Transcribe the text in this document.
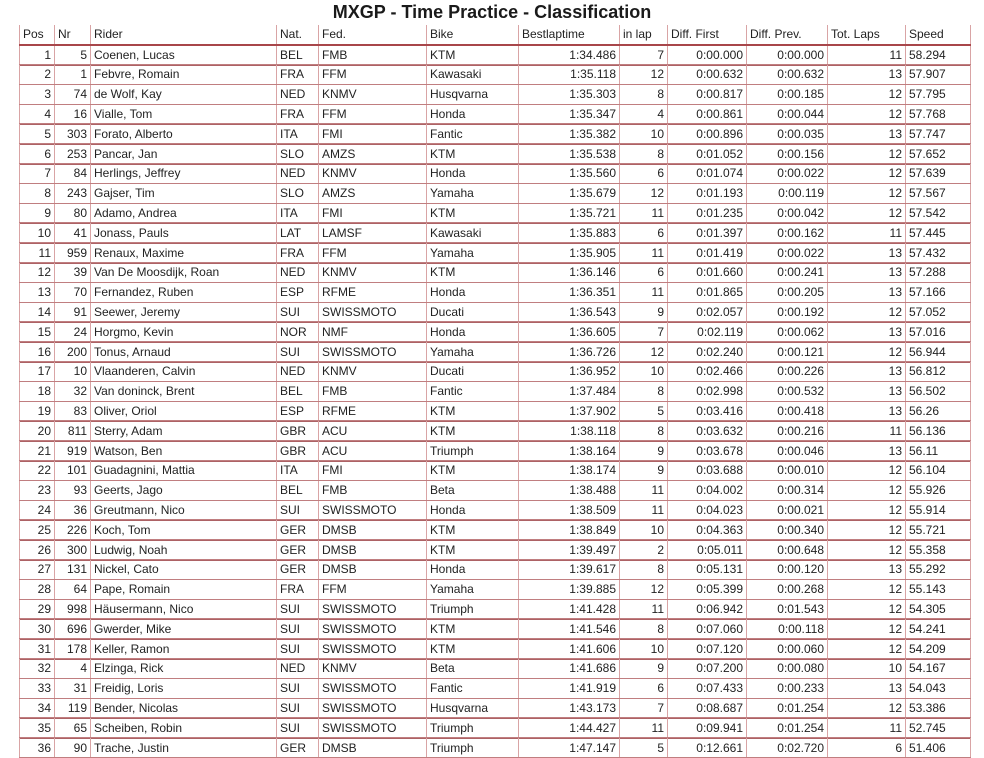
MXGP - Time Practice - Classification
Pos	Nr	Rider	Nat.	Fed.	Bike	Bestlaptime	in lap	Diff. First	Diff. Prev.	Tot. Laps	Speed
1	5	Coenen, Lucas	BEL	FMB	KTM	1:34.486	7	0:00.000	0:00.000	11	58.294
2	1	Febvre, Romain	FRA	FFM	Kawasaki	1:35.118	12	0:00.632	0:00.632	13	57.907
3	74	de Wolf, Kay	NED	KNMV	Husqvarna	1:35.303	8	0:00.817	0:00.185	12	57.795
4	16	Vialle, Tom	FRA	FFM	Honda	1:35.347	4	0:00.861	0:00.044	12	57.768
5	303	Forato, Alberto	ITA	FMI	Fantic	1:35.382	10	0:00.896	0:00.035	13	57.747
6	253	Pancar, Jan	SLO	AMZS	KTM	1:35.538	8	0:01.052	0:00.156	12	57.652
7	84	Herlings, Jeffrey	NED	KNMV	Honda	1:35.560	6	0:01.074	0:00.022	12	57.639
8	243	Gajser, Tim	SLO	AMZS	Yamaha	1:35.679	12	0:01.193	0:00.119	12	57.567
9	80	Adamo, Andrea	ITA	FMI	KTM	1:35.721	11	0:01.235	0:00.042	12	57.542
10	41	Jonass, Pauls	LAT	LAMSF	Kawasaki	1:35.883	6	0:01.397	0:00.162	11	57.445
11	959	Renaux, Maxime	FRA	FFM	Yamaha	1:35.905	11	0:01.419	0:00.022	13	57.432
12	39	Van De Moosdijk, Roan	NED	KNMV	KTM	1:36.146	6	0:01.660	0:00.241	13	57.288
13	70	Fernandez, Ruben	ESP	RFME	Honda	1:36.351	11	0:01.865	0:00.205	13	57.166
14	91	Seewer, Jeremy	SUI	SWISSMOTO	Ducati	1:36.543	9	0:02.057	0:00.192	12	57.052
15	24	Horgmo, Kevin	NOR	NMF	Honda	1:36.605	7	0:02.119	0:00.062	13	57.016
16	200	Tonus, Arnaud	SUI	SWISSMOTO	Yamaha	1:36.726	12	0:02.240	0:00.121	12	56.944
17	10	Vlaanderen, Calvin	NED	KNMV	Ducati	1:36.952	10	0:02.466	0:00.226	13	56.812
18	32	Van doninck, Brent	BEL	FMB	Fantic	1:37.484	8	0:02.998	0:00.532	13	56.502
19	83	Oliver, Oriol	ESP	RFME	KTM	1:37.902	5	0:03.416	0:00.418	13	56.26
20	811	Sterry, Adam	GBR	ACU	KTM	1:38.118	8	0:03.632	0:00.216	11	56.136
21	919	Watson, Ben	GBR	ACU	Triumph	1:38.164	9	0:03.678	0:00.046	13	56.11
22	101	Guadagnini, Mattia	ITA	FMI	KTM	1:38.174	9	0:03.688	0:00.010	12	56.104
23	93	Geerts, Jago	BEL	FMB	Beta	1:38.488	11	0:04.002	0:00.314	12	55.926
24	36	Greutmann, Nico	SUI	SWISSMOTO	Honda	1:38.509	11	0:04.023	0:00.021	12	55.914
25	226	Koch, Tom	GER	DMSB	KTM	1:38.849	10	0:04.363	0:00.340	12	55.721
26	300	Ludwig, Noah	GER	DMSB	KTM	1:39.497	2	0:05.011	0:00.648	12	55.358
27	131	Nickel, Cato	GER	DMSB	Honda	1:39.617	8	0:05.131	0:00.120	13	55.292
28	64	Pape, Romain	FRA	FFM	Yamaha	1:39.885	12	0:05.399	0:00.268	12	55.143
29	998	Häusermann, Nico	SUI	SWISSMOTO	Triumph	1:41.428	11	0:06.942	0:01.543	12	54.305
30	696	Gwerder, Mike	SUI	SWISSMOTO	KTM	1:41.546	8	0:07.060	0:00.118	12	54.241
31	178	Keller, Ramon	SUI	SWISSMOTO	KTM	1:41.606	10	0:07.120	0:00.060	12	54.209
32	4	Elzinga, Rick	NED	KNMV	Beta	1:41.686	9	0:07.200	0:00.080	10	54.167
33	31	Freidig, Loris	SUI	SWISSMOTO	Fantic	1:41.919	6	0:07.433	0:00.233	13	54.043
34	119	Bender, Nicolas	SUI	SWISSMOTO	Husqvarna	1:43.173	7	0:08.687	0:01.254	12	53.386
35	65	Scheiben, Robin	SUI	SWISSMOTO	Triumph	1:44.427	11	0:09.941	0:01.254	11	52.745
36	90	Trache, Justin	GER	DMSB	Triumph	1:47.147	5	0:12.661	0:02.720	6	51.406
